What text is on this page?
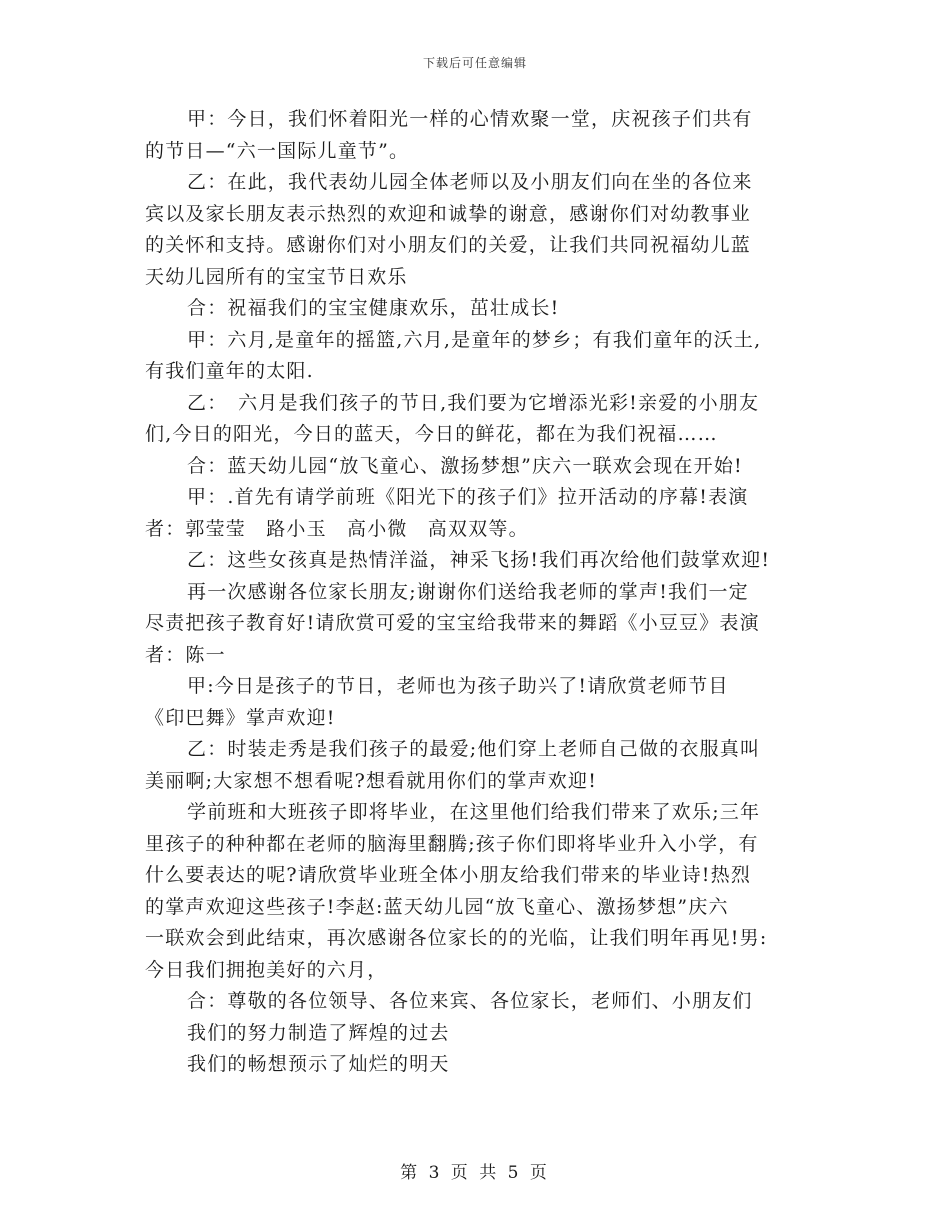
下载后可任意编辑
甲：今日，我们怀着阳光一样的心情欢聚一堂，庆祝孩子们共有
的节日—“六一国际儿童节”。
乙：在此，我代表幼儿园全体老师以及小朋友们向在坐的各位来
宾以及家长朋友表示热烈的欢迎和诚挚的谢意，感谢你们对幼教事业
的关怀和支持。感谢你们对小朋友们的关爱，让我们共同祝福幼儿蓝
天幼儿园所有的宝宝节日欢乐
合：祝福我们的宝宝健康欢乐，茁壮成长!
甲：六月,是童年的摇篮,六月,是童年的梦乡；有我们童年的沃土,
有我们童年的太阳.
乙：　六月是我们孩子的节日,我们要为它增添光彩!亲爱的小朋友
们,今日的阳光，今日的蓝天，今日的鲜花，都在为我们祝福……
合：蓝天幼儿园“放飞童心、激扬梦想”庆六一联欢会现在开始!
甲：.首先有请学前班《阳光下的孩子们》拉开活动的序幕!表演
者：郭莹莹　路小玉　高小微　高双双等。
乙：这些女孩真是热情洋溢，神采飞扬!我们再次给他们鼓掌欢迎!
再一次感谢各位家长朋友;谢谢你们送给我老师的掌声!我们一定
尽责把孩子教育好!请欣赏可爱的宝宝给我带来的舞蹈《小豆豆》表演
者：陈一
甲:今日是孩子的节日，老师也为孩子助兴了!请欣赏老师节目
《印巴舞》掌声欢迎!
乙：时装走秀是我们孩子的最爱;他们穿上老师自己做的衣服真叫
美丽啊;大家想不想看呢?想看就用你们的掌声欢迎!
学前班和大班孩子即将毕业，在这里他们给我们带来了欢乐;三年
里孩子的种种都在老师的脑海里翻腾;孩子你们即将毕业升入小学，有
什么要表达的呢?请欣赏毕业班全体小朋友给我们带来的毕业诗!热烈
的掌声欢迎这些孩子!李赵:蓝天幼儿园“放飞童心、激扬梦想”庆六
一联欢会到此结束，再次感谢各位家长的的光临，让我们明年再见!男:
今日我们拥抱美好的六月，
合：尊敬的各位领导、各位来宾、各位家长，老师们、小朋友们
我们的努力制造了辉煌的过去
我们的畅想预示了灿烂的明天
第 3 页 共 5 页
